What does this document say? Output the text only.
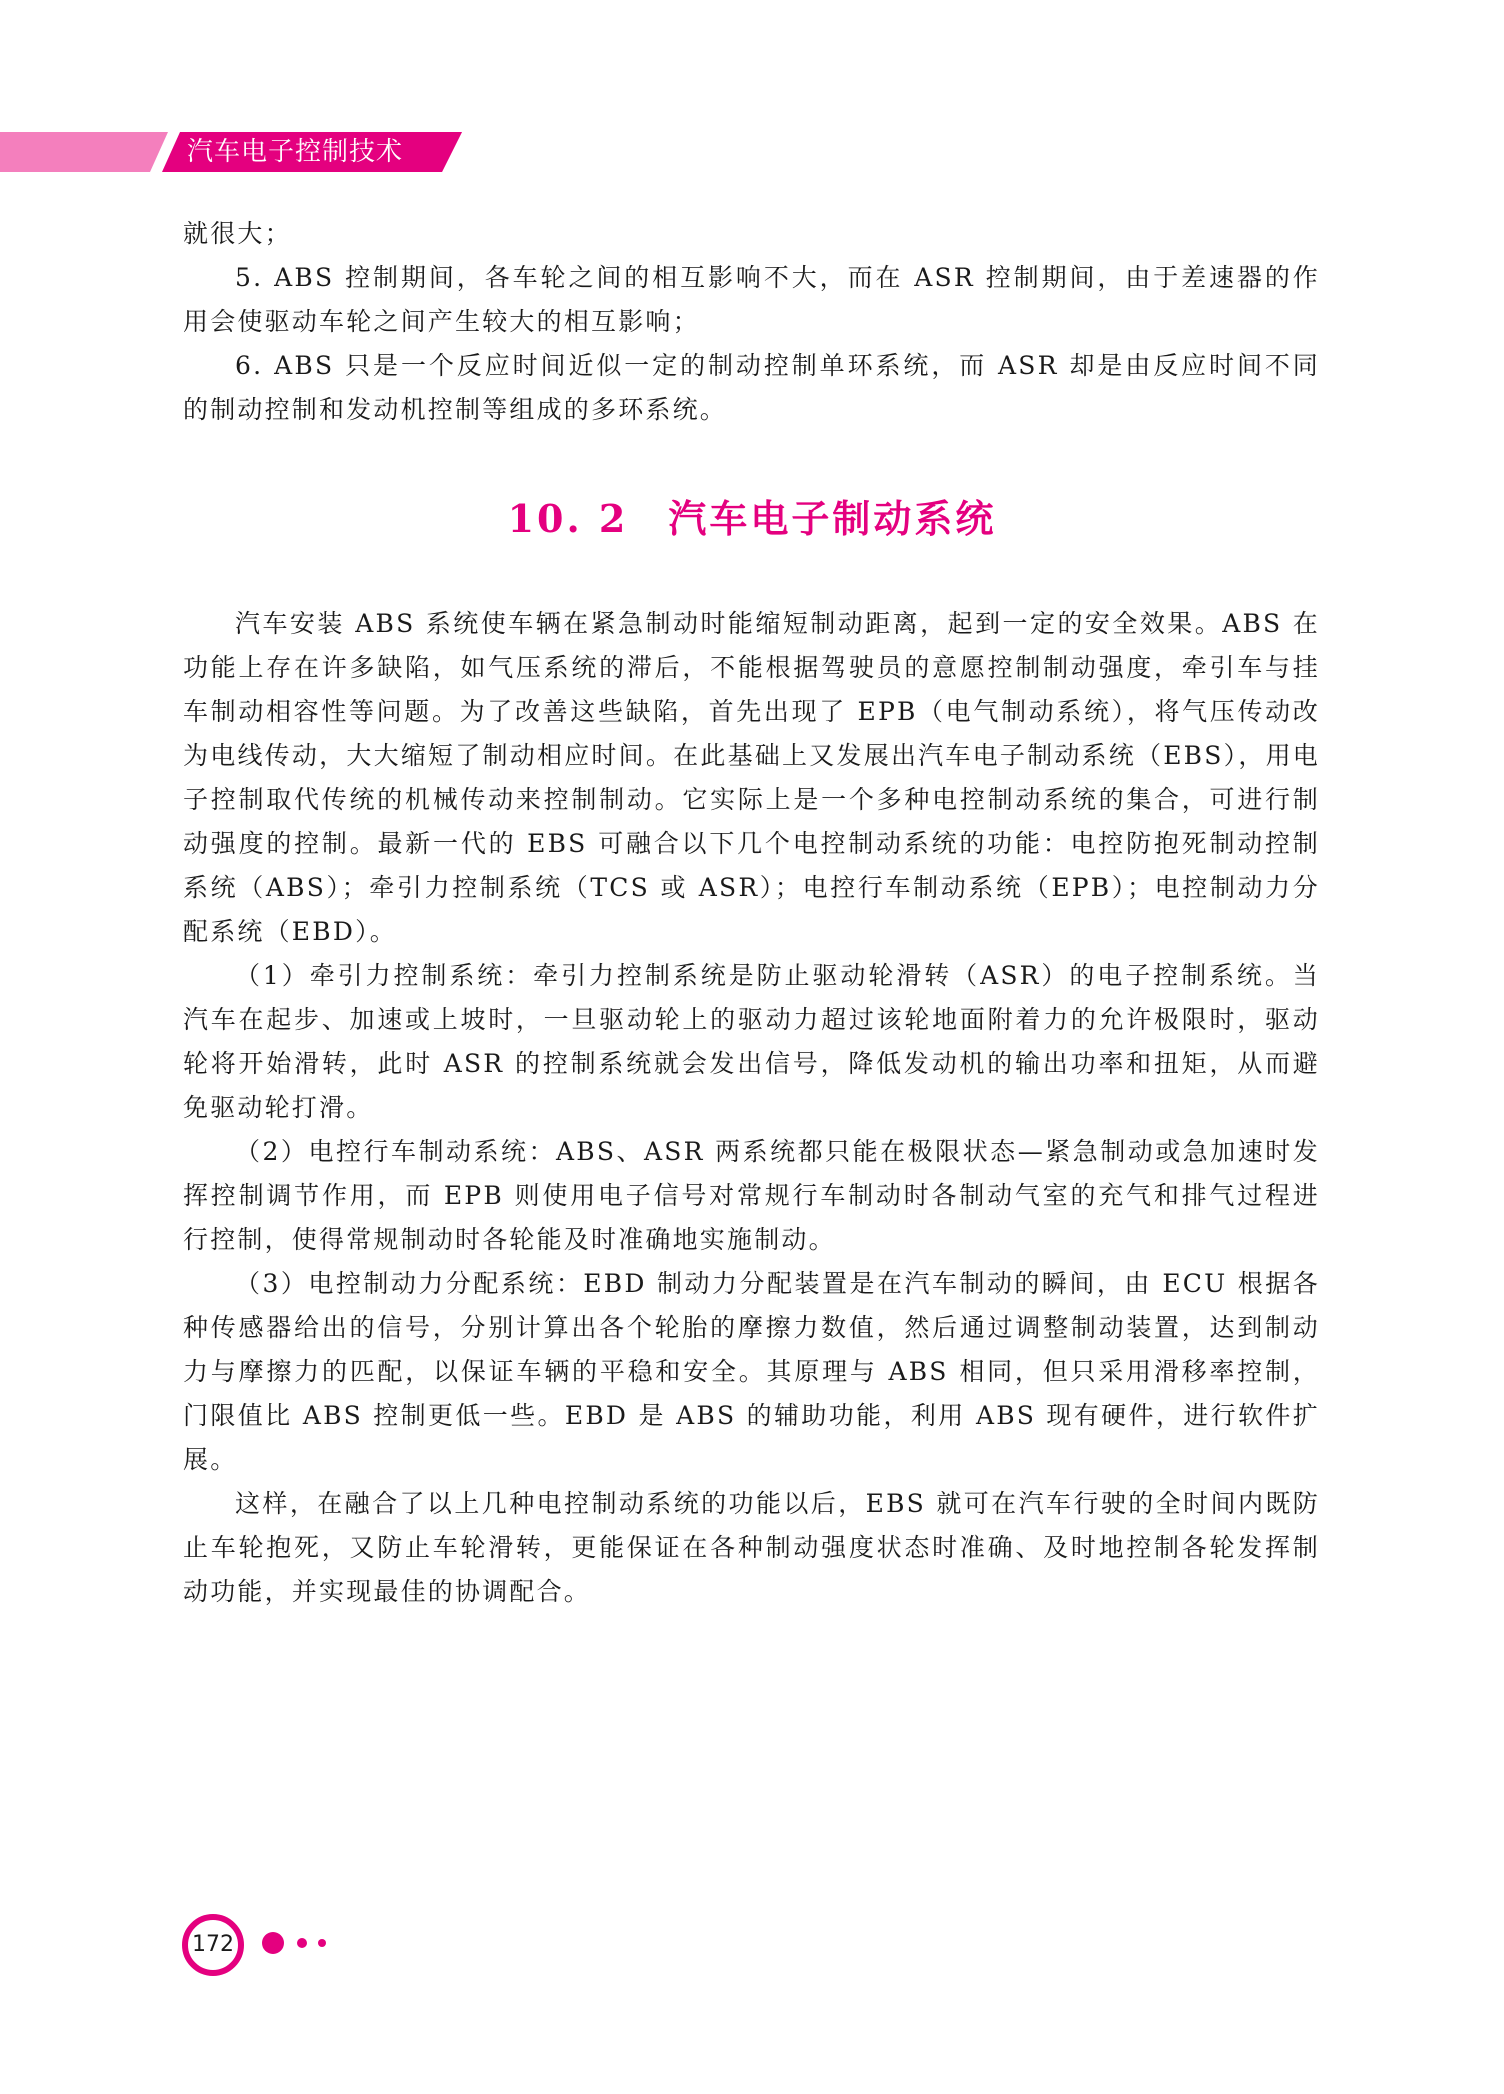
汽车电子控制技术

就很大；

5. ABS 控制期间，各车轮之间的相互影响不大，而在 ASR 控制期间，由于差速器的作用会使驱动车轮之间产生较大的相互影响；

6. ABS 只是一个反应时间近似一定的制动控制单环系统，而 ASR 却是由反应时间不同的制动控制和发动机控制等组成的多环系统。

10. 2 汽车电子制动系统

汽车安装 ABS 系统使车辆在紧急制动时能缩短制动距离，起到一定的安全效果。ABS 在功能上存在许多缺陷，如气压系统的滞后，不能根据驾驶员的意愿控制制动强度，牵引车与挂车制动相容性等问题。为了改善这些缺陷，首先出现了 EPB（电气制动系统），将气压传动改为电线传动，大大缩短了制动相应时间。在此基础上又发展出汽车电子制动系统（EBS），用电子控制取代传统的机械传动来控制制动。它实际上是一个多种电控制动系统的集合，可进行制动强度的控制。最新一代的 EBS 可融合以下几个电控制动系统的功能：电控防抱死制动控制系统（ABS）；牵引力控制系统（TCS 或 ASR）；电控行车制动系统（EPB）；电控制动力分配系统（EBD）。

（1）牵引力控制系统：牵引力控制系统是防止驱动轮滑转（ASR）的电子控制系统。当汽车在起步、加速或上坡时，一旦驱动轮上的驱动力超过该轮地面附着力的允许极限时，驱动轮将开始滑转，此时 ASR 的控制系统就会发出信号，降低发动机的输出功率和扭矩，从而避免驱动轮打滑。

（2）电控行车制动系统：ABS、ASR 两系统都只能在极限状态—紧急制动或急加速时发挥控制调节作用，而 EPB 则使用电子信号对常规行车制动时各制动气室的充气和排气过程进行控制，使得常规制动时各轮能及时准确地实施制动。

（3）电控制动力分配系统：EBD 制动力分配装置是在汽车制动的瞬间，由 ECU 根据各种传感器给出的信号，分别计算出各个轮胎的摩擦力数值，然后通过调整制动装置，达到制动力与摩擦力的匹配，以保证车辆的平稳和安全。其原理与 ABS 相同，但只采用滑移率控制，门限值比 ABS 控制更低一些。EBD 是 ABS 的辅助功能，利用 ABS 现有硬件，进行软件扩展。

这样，在融合了以上几种电控制动系统的功能以后，EBS 就可在汽车行驶的全时间内既防止车轮抱死，又防止车轮滑转，更能保证在各种制动强度状态时准确、及时地控制各轮发挥制动功能，并实现最佳的协调配合。

172
